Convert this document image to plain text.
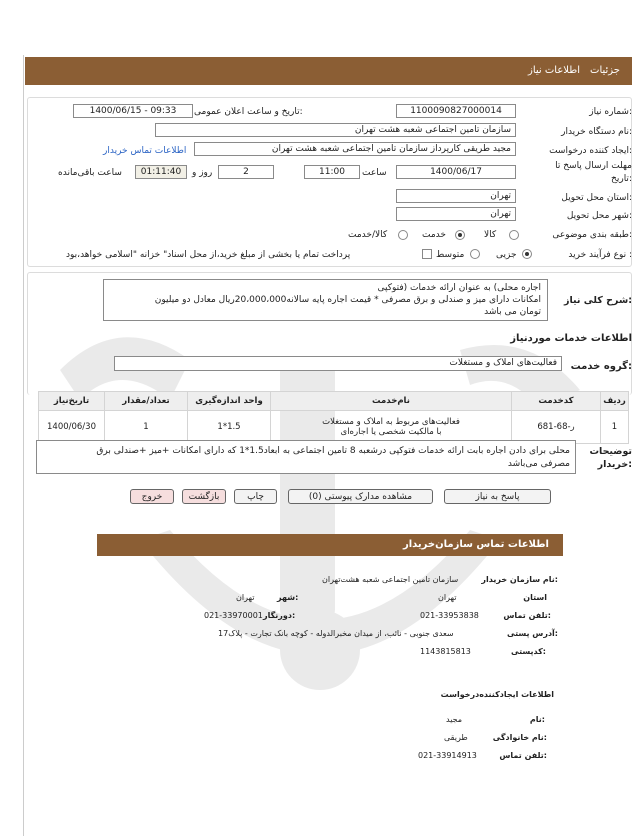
جزئیات
اطلاعات نیاز
شماره نیاز:
1100090827000014
تاریخ و ساعت اعلان عمومی:
1400/06/15 - 09:33
نام دستگاه خریدار:
سازمان تامین اجتماعی شعبه هشت تهران
ایجاد کننده درخواست:
مجید طریقی کارپرداز سازمان تامین اجتماعی شعبه هشت تهران
اطلاعات تماس خریدار
مهلت ارسال پاسخ تا
تاریخ:
1400/06/17
ساعت
11:00
2
روز و
01:11:40
ساعت باقی‌مانده
استان محل تحویل:
تهران
شهر محل تحویل:
تهران
طبقه بندی موضوعی:
کالا
خدمت
کالا/خدمت
نوع فرآیند خرید :
جزیی
متوسط
پرداخت تمام یا بخشی از مبلغ خرید،از محل اسناد" خزانه "اسلامی خواهد،بود
شرح کلی نیاز:
اجاره محلی) به عنوان ارائه خدمات (فتوکپی
امکانات دارای میز و صندلی و برق مصرفی * قیمت اجاره پایه سالانه20،000،000ریال معادل دو میلیون
تومان می باشد
اطلاعات خدمات موردنیاز
گروه خدمت:
فعالیت‌های املاک و مستغلات
ردیف	کدخدمت	نام‌خدمت	واحد اندازه‌گیری	تعداد/مقدار	تاریخ‌نیاز
1	ر-68-681	فعالیت‌های مربوط به املاک و مستغلات
با مالکیت شخصی یا اجاره‌ای	1.5*1	1	1400/06/30
توضیحات
خریدار:
محلی برای دادن اجاره بابت ارائه خدمات فتوکپی درشعبه 8 تامین اجتماعی به ابعاد1.5*1 که دارای امکانات +میز +صندلی برق
مصرفی می‌باشد
پاسخ به نیاز
مشاهده مدارک پیوستی (0)
چاپ
بازگشت
خروج
اطلاعات تماس سازمان‌خریدار
نام سازمان خریدار:
سازمان تامین اجتماعی شعبه هشت‌تهران
استان
تهران
شهر:
تهران
تلفن تماس:
021-33953838
دورنگار:
021-33970001
آدرس پستی:
سعدی جنوبی - نائب، از میدان مخبرالدوله - کوچه بانک تجارت - پلاک17
کدپستی:
1143815813
اطلاعات ایجادکننده‌درخواست
نام:
مجید
نام خانوادگی:
طریقی
تلفن تماس:
021-33914913
